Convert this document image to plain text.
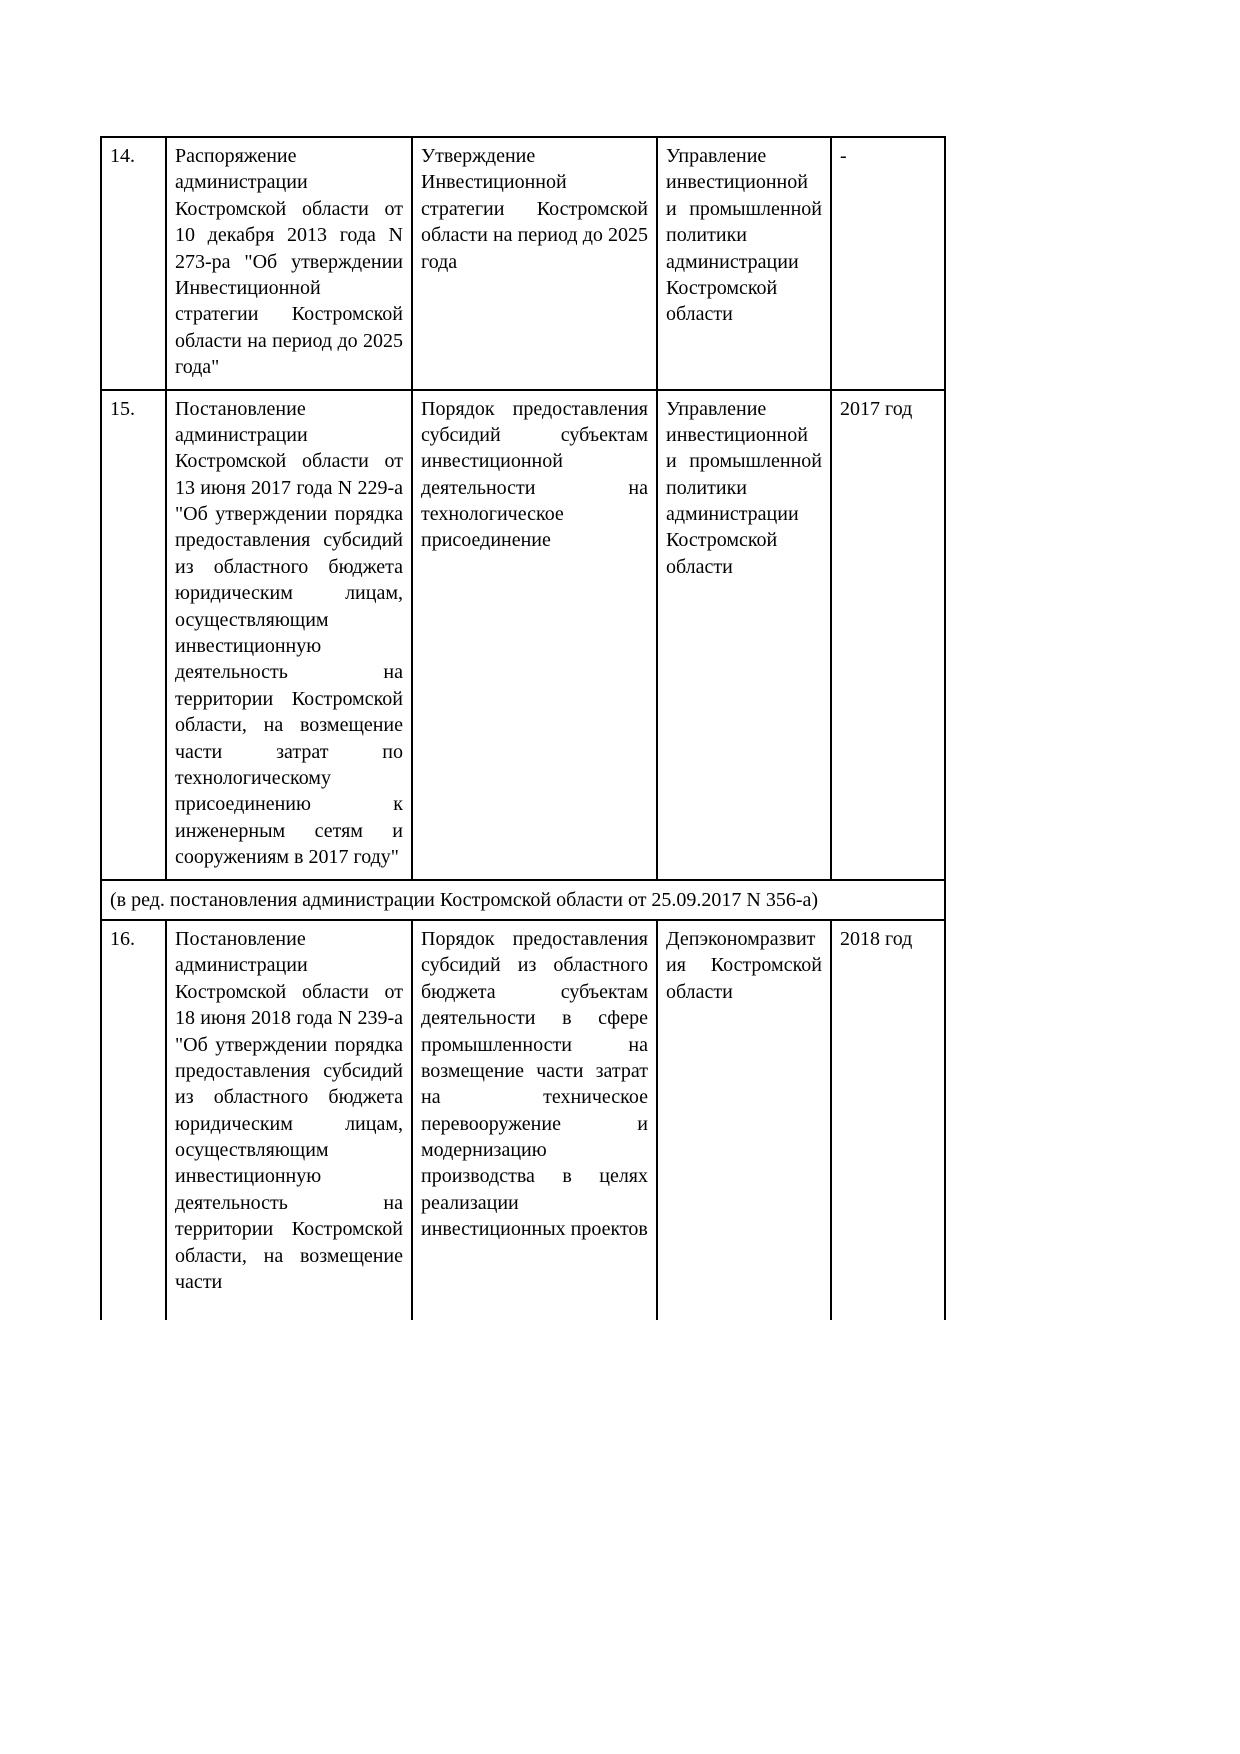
14.	Распоряжение администрации Костромской области от 10 декабря 2013 года N 273-ра "Об утверждении Инвестиционной стратегии Костромской области на период до 2025 года"	Утверждение Инвестиционной стратегии Костромской области на период до 2025 года	Управление инвестиционной и промышленной политики администрации Костромской области	-
15.	Постановление администрации Костромской области от 13 июня 2017 года N 229-а "Об утверждении порядка предоставления субсидий из областного бюджета юридическим лицам, осуществляющим инвестиционную деятельность на территории Костромской области, на возмещение части затрат по технологическому присоединению к инженерным сетям и сооружениям в 2017 году"	Порядок предоставления субсидий субъектам инвестиционной деятельности на технологическое присоединение	Управление инвестиционной и промышленной политики администрации Костромской области	2017 год
(в ред. постановления администрации Костромской области от 25.09.2017 N 356-а)				
16.	Постановление администрации Костромской области от 18 июня 2018 года N 239-а "Об утверждении порядка предоставления субсидий из областного бюджета юридическим лицам, осуществляющим инвестиционную деятельность на территории Костромской области, на возмещение части	Порядок предоставления субсидий из областного бюджета субъектам деятельности в сфере промышленности на возмещение части затрат на техническое перевооружение и модернизацию производства в целях реализации инвестиционных проектов	Депэкономразвития Костромской области	2018 год
